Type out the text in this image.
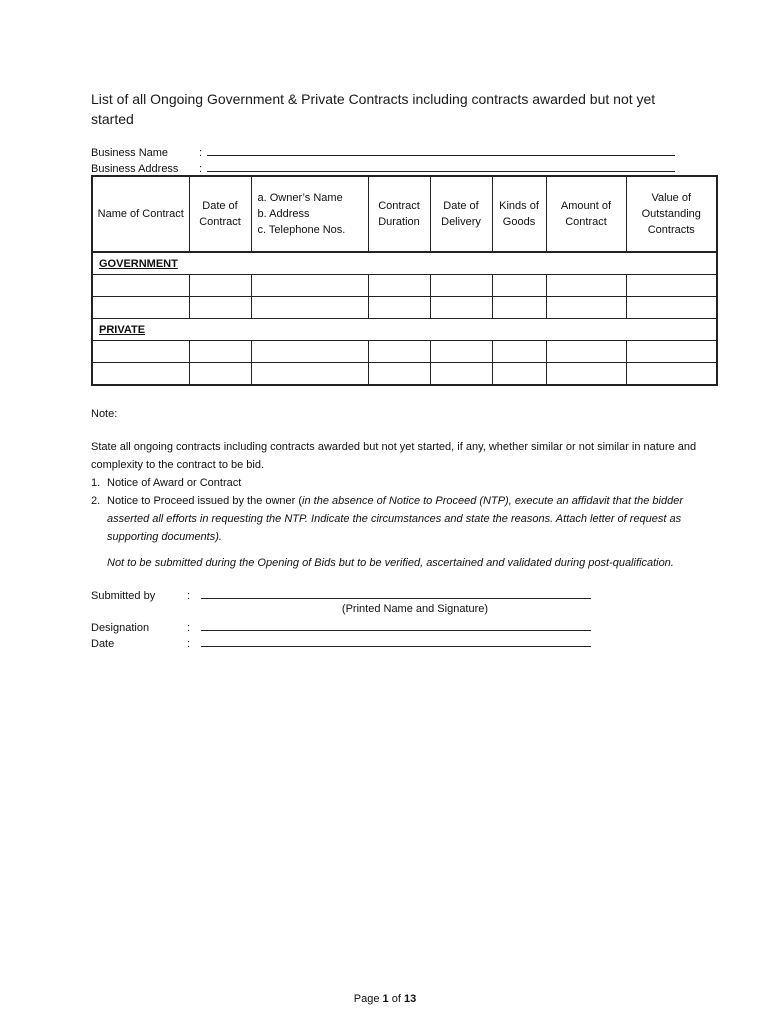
List of all Ongoing Government & Private Contracts including contracts awarded but not yet started
Business Name	:
Business Address :
Name of Contract	Date of Contract	a. Owner’s Name
b. Address
c. Telephone Nos.	Contract Duration	Date of Delivery	Kinds of Goods	Amount of Contract	Value of Outstanding Contracts
GOVERNMENT							

PRIVATE							

Note:
State all ongoing contracts including contracts awarded but not yet started, if any, whether similar or not similar in nature and complexity to the contract to be bid.
1. Notice of Award or Contract
2. Notice to Proceed issued by the owner (in the absence of Notice to Proceed (NTP), execute an affidavit that the bidder asserted all efforts in requesting the NTP. Indicate the circumstances and state the reasons. Attach letter of request as supporting documents).
Not to be submitted during the Opening of Bids but to be verified, ascertained and validated during post-qualification.
Submitted by	:
(Printed Name and Signature)
Designation	:
Date	:
Page 1 of 13
